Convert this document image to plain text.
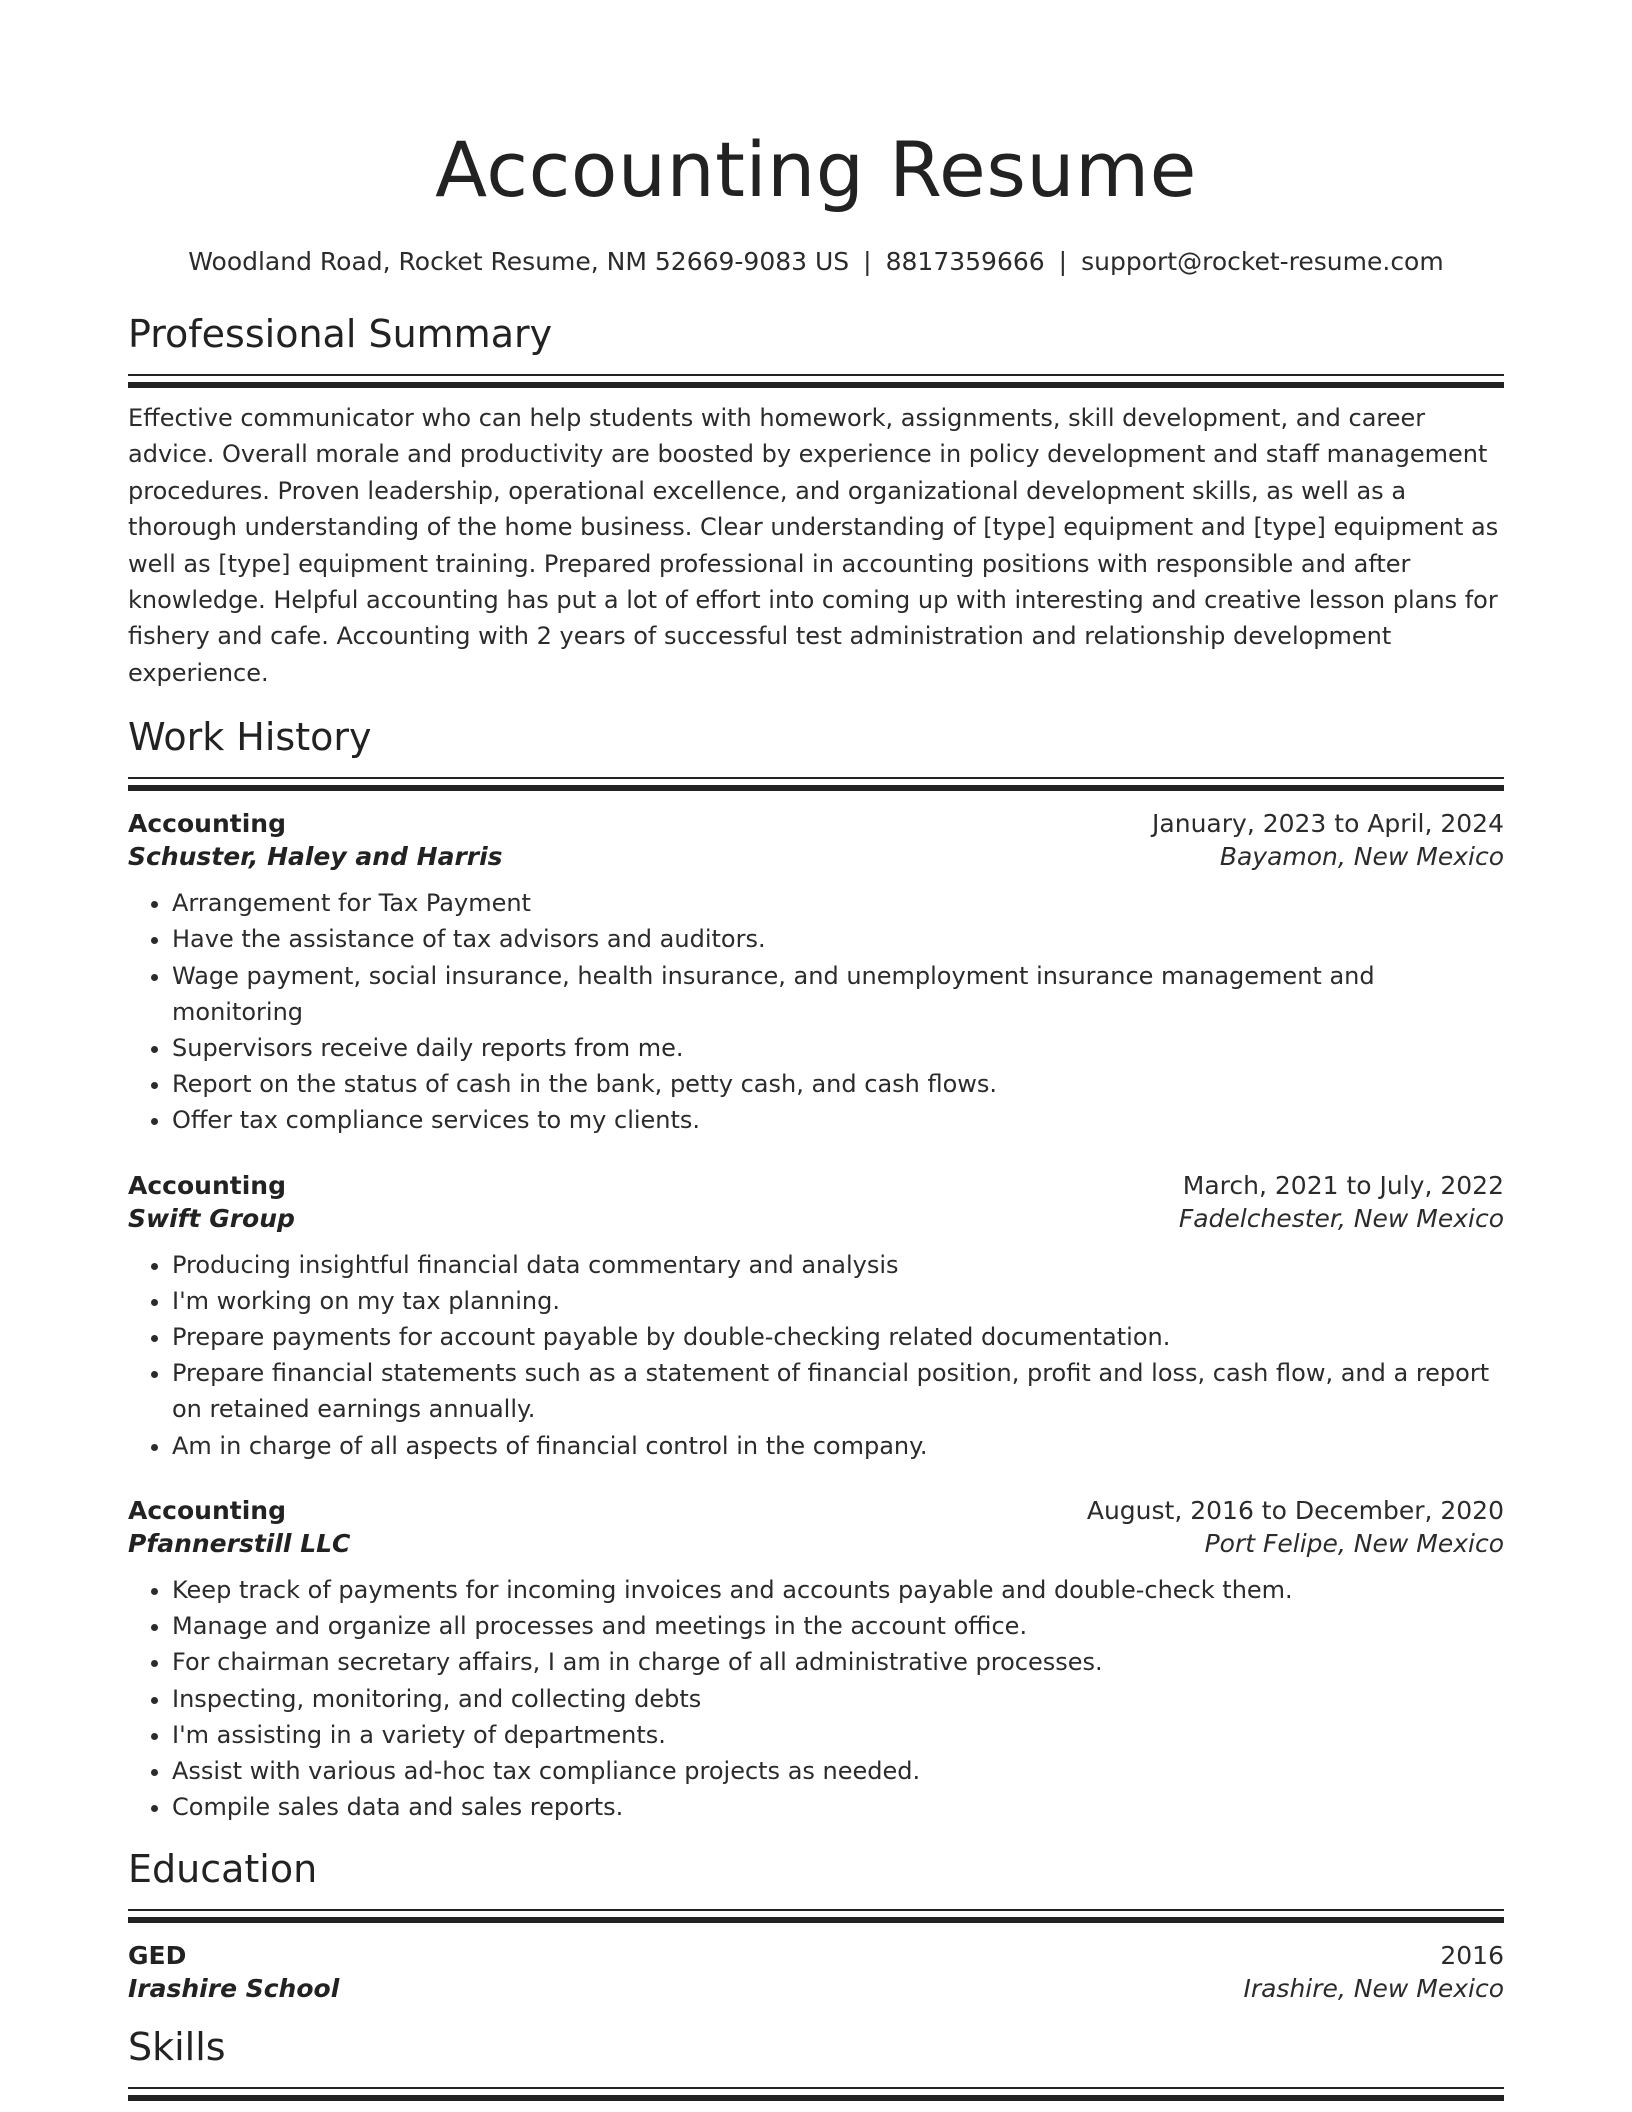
Accounting Resume
Woodland Road, Rocket Resume, NM 52669-9083 US | 8817359666 | support@rocket-resume.com
Professional Summary
Effective communicator who can help students with homework, assignments, skill development, and career advice. Overall morale and productivity are boosted by experience in policy development and staff management procedures. Proven leadership, operational excellence, and organizational development skills, as well as a thorough understanding of the home business. Clear understanding of [type] equipment and [type] equipment as well as [type] equipment training. Prepared professional in accounting positions with responsible and after knowledge. Helpful accounting has put a lot of effort into coming up with interesting and creative lesson plans for fishery and cafe. Accounting with 2 years of successful test administration and relationship development experience.
Work History
Accounting	January, 2023 to April, 2024
Schuster, Haley and Harris	Bayamon, New Mexico
• Arrangement for Tax Payment
• Have the assistance of tax advisors and auditors.
• Wage payment, social insurance, health insurance, and unemployment insurance management and monitoring
• Supervisors receive daily reports from me.
• Report on the status of cash in the bank, petty cash, and cash flows.
• Offer tax compliance services to my clients.
Accounting	March, 2021 to July, 2022
Swift Group	Fadelchester, New Mexico
• Producing insightful financial data commentary and analysis
• I'm working on my tax planning.
• Prepare payments for account payable by double-checking related documentation.
• Prepare financial statements such as a statement of financial position, profit and loss, cash flow, and a report on retained earnings annually.
• Am in charge of all aspects of financial control in the company.
Accounting	August, 2016 to December, 2020
Pfannerstill LLC	Port Felipe, New Mexico
• Keep track of payments for incoming invoices and accounts payable and double-check them.
• Manage and organize all processes and meetings in the account office.
• For chairman secretary affairs, I am in charge of all administrative processes.
• Inspecting, monitoring, and collecting debts
• I'm assisting in a variety of departments.
• Assist with various ad-hoc tax compliance projects as needed.
• Compile sales data and sales reports.
Education
GED	2016
Irashire School	Irashire, New Mexico
Skills
